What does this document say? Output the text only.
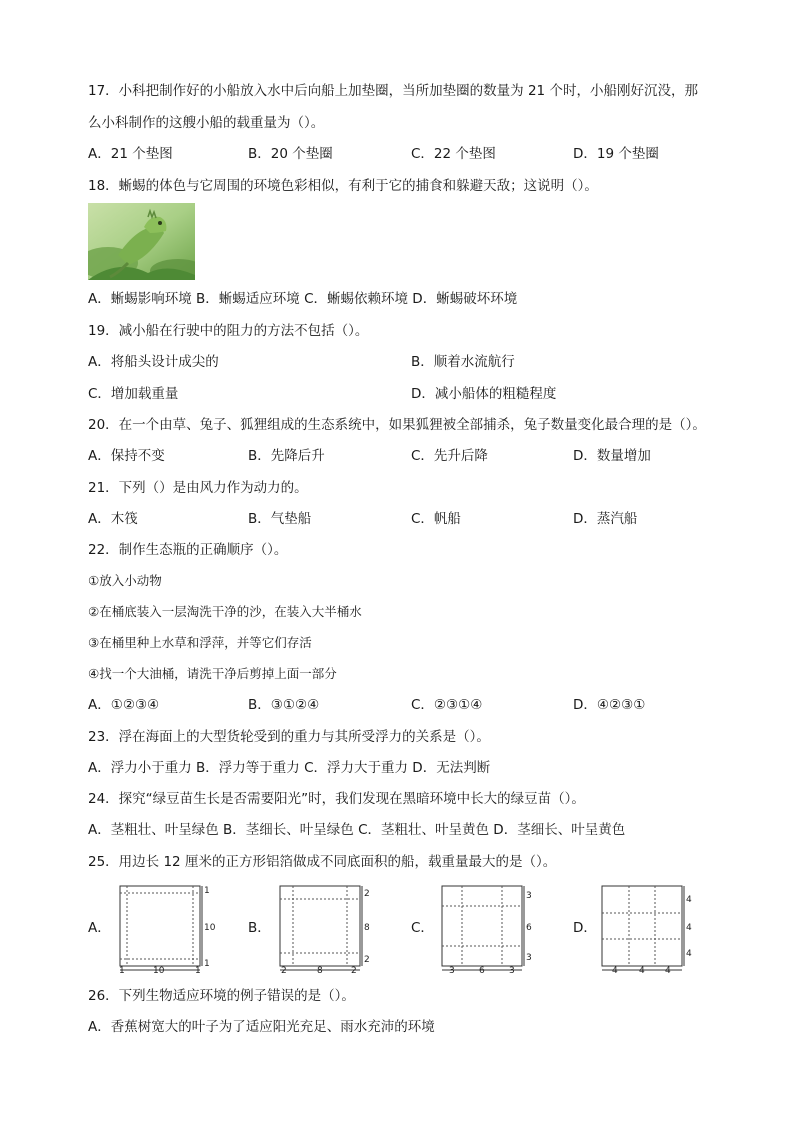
17．小科把制作好的小船放入水中后向船上加垫圈，当所加垫圈的数量为 21 个时，小船刚好沉没，那
么小科制作的这艘小船的载重量为（）。
A．21 个垫图	B．20 个垫圈	C．22 个垫图	D．19 个垫圈
18．蜥蜴的体色与它周围的环境色彩相似，有利于它的捕食和躲避天敌；这说明（）。
A．蜥蜴影响环境 B．蜥蜴适应环境 C．蜥蜴依赖环境 D．蜥蜴破坏环境
19．减小船在行驶中的阻力的方法不包括（）。
A．将船头设计成尖的	B．顺着水流航行
C．增加载重量	D．减小船体的粗糙程度
20．在一个由草、兔子、狐狸组成的生态系统中，如果狐狸被全部捕杀，兔子数量变化最合理的是（）。
A．保持不变	B．先降后升	C．先升后降	D．数量增加
21．下列（）是由风力作为动力的。
A．木筏	B．气垫船	C．帆船	D．蒸汽船
22．制作生态瓶的正确顺序（）。
①放入小动物
②在桶底装入一层淘洗干净的沙，在装入大半桶水
③在桶里种上水草和浮萍，并等它们存活
④找一个大油桶，请洗干净后剪掉上面一部分
A．①②③④	B．③①②④	C．②③①④	D．④②③①
23．浮在海面上的大型货轮受到的重力与其所受浮力的关系是（）。
A．浮力小于重力 B．浮力等于重力 C．浮力大于重力 D．无法判断
24．探究“绿豆苗生长是否需要阳光”时，我们发现在黑暗环境中长大的绿豆苗（）。
A．茎粗壮、叶呈绿色 B．茎细长、叶呈绿色 C．茎粗壮、叶呈黄色 D．茎细长、叶呈黄色
25．用边长 12 厘米的正方形铝箔做成不同底面积的船，载重量最大的是（）。
A．	B．	C．	D．
1
10
1
1	10	1
2
8
2
2	8	2
3
6
3
3	6	3
4
4
4
4 4 4
26．下列生物适应环境的例子错误的是（）。
A．香蕉树宽大的叶子为了适应阳光充足、雨水充沛的环境
